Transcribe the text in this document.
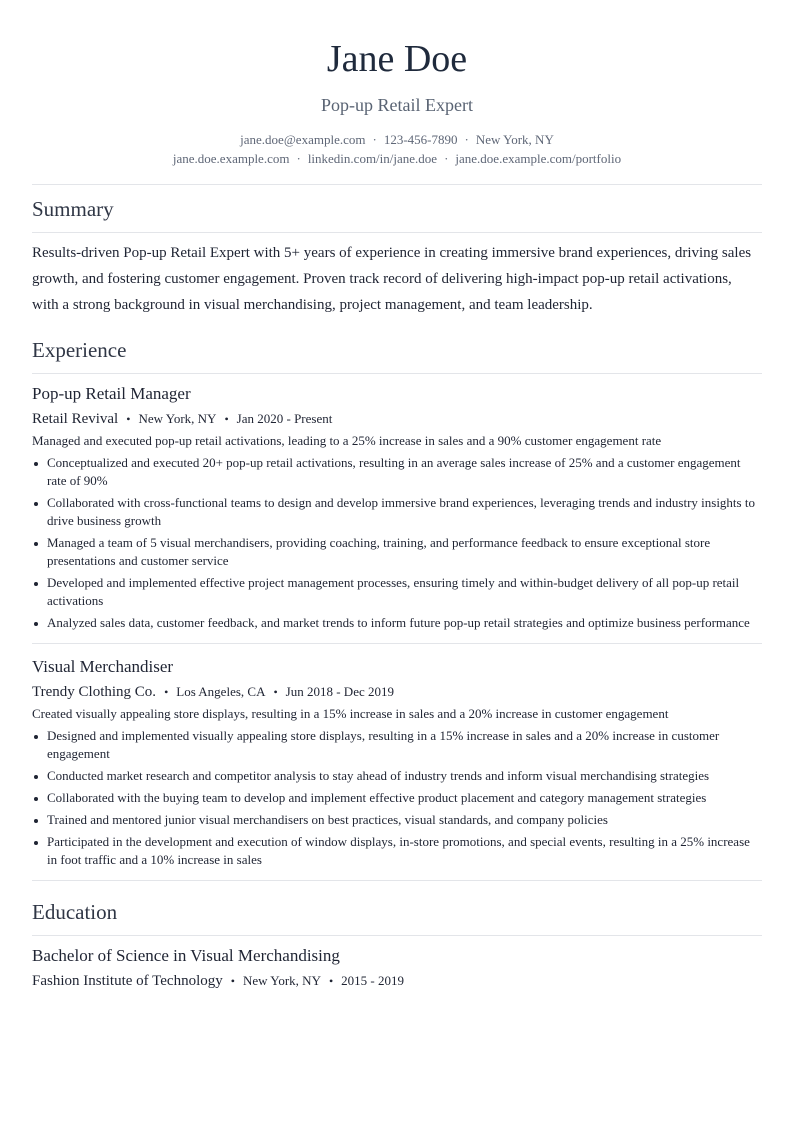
Jane Doe
Pop-up Retail Expert
jane.doe@example.com · 123-456-7890 · New York, NY
jane.doe.example.com · linkedin.com/in/jane.doe · jane.doe.example.com/portfolio
Summary
Results-driven Pop-up Retail Expert with 5+ years of experience in creating immersive brand experiences, driving sales growth, and fostering customer engagement. Proven track record of delivering high-impact pop-up retail activations, with a strong background in visual merchandising, project management, and team leadership.
Experience
Pop-up Retail Manager
Retail Revival • New York, NY • Jan 2020 - Present
Managed and executed pop-up retail activations, leading to a 25% increase in sales and a 90% customer engagement rate
Conceptualized and executed 20+ pop-up retail activations, resulting in an average sales increase of 25% and a customer engagement rate of 90%
Collaborated with cross-functional teams to design and develop immersive brand experiences, leveraging trends and industry insights to drive business growth
Managed a team of 5 visual merchandisers, providing coaching, training, and performance feedback to ensure exceptional store presentations and customer service
Developed and implemented effective project management processes, ensuring timely and within-budget delivery of all pop-up retail activations
Analyzed sales data, customer feedback, and market trends to inform future pop-up retail strategies and optimize business performance
Visual Merchandiser
Trendy Clothing Co. • Los Angeles, CA • Jun 2018 - Dec 2019
Created visually appealing store displays, resulting in a 15% increase in sales and a 20% increase in customer engagement
Designed and implemented visually appealing store displays, resulting in a 15% increase in sales and a 20% increase in customer engagement
Conducted market research and competitor analysis to stay ahead of industry trends and inform visual merchandising strategies
Collaborated with the buying team to develop and implement effective product placement and category management strategies
Trained and mentored junior visual merchandisers on best practices, visual standards, and company policies
Participated in the development and execution of window displays, in-store promotions, and special events, resulting in a 25% increase in foot traffic and a 10% increase in sales
Education
Bachelor of Science in Visual Merchandising
Fashion Institute of Technology • New York, NY • 2015 - 2019
